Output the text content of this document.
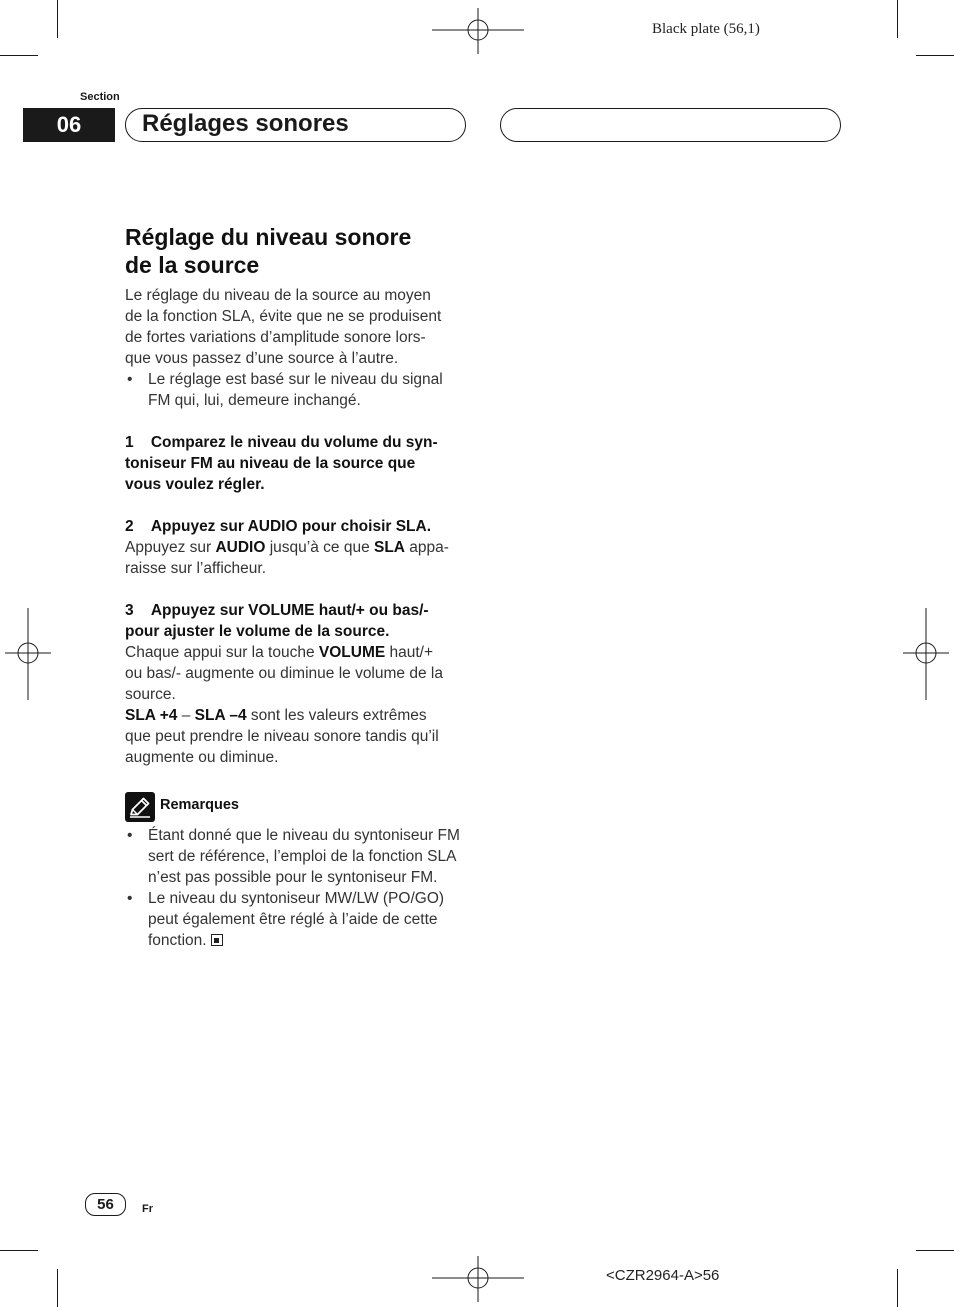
Black plate (56,1)
Section
06	Réglages sonores
Réglage du niveau sonore
de la source

Le réglage du niveau de la source au moyen

de la fonction SLA, évite que ne se produisent

de fortes variations d’amplitude sonore lors-

que vous passez d’une source à l’autre.

• Le réglage est basé sur le niveau du signal

FM qui, lui, demeure inchangé.

1    Comparez le niveau du volume du syn-

toniseur FM au niveau de la source que

vous voulez régler.

2    Appuyez sur AUDIO pour choisir SLA.

Appuyez sur AUDIO jusqu’à ce que SLA appa-

raisse sur l’afficheur.

3    Appuyez sur VOLUME haut/+ ou bas/-

pour ajuster le volume de la source.

Chaque appui sur la touche VOLUME haut/+

ou bas/- augmente ou diminue le volume de la

source.

SLA +4 – SLA –4 sont les valeurs extrêmes

que peut prendre le niveau sonore tandis qu’il

augmente ou diminue.

Remarques

• Étant donné que le niveau du syntoniseur FM

sert de référence, l’emploi de la fonction SLA

n’est pas possible pour le syntoniseur FM.

• Le niveau du syntoniseur MW/LW (PO/GO)

peut également être réglé à l’aide de cette

fonction.

56	Fr
<CZR2964-A>56
